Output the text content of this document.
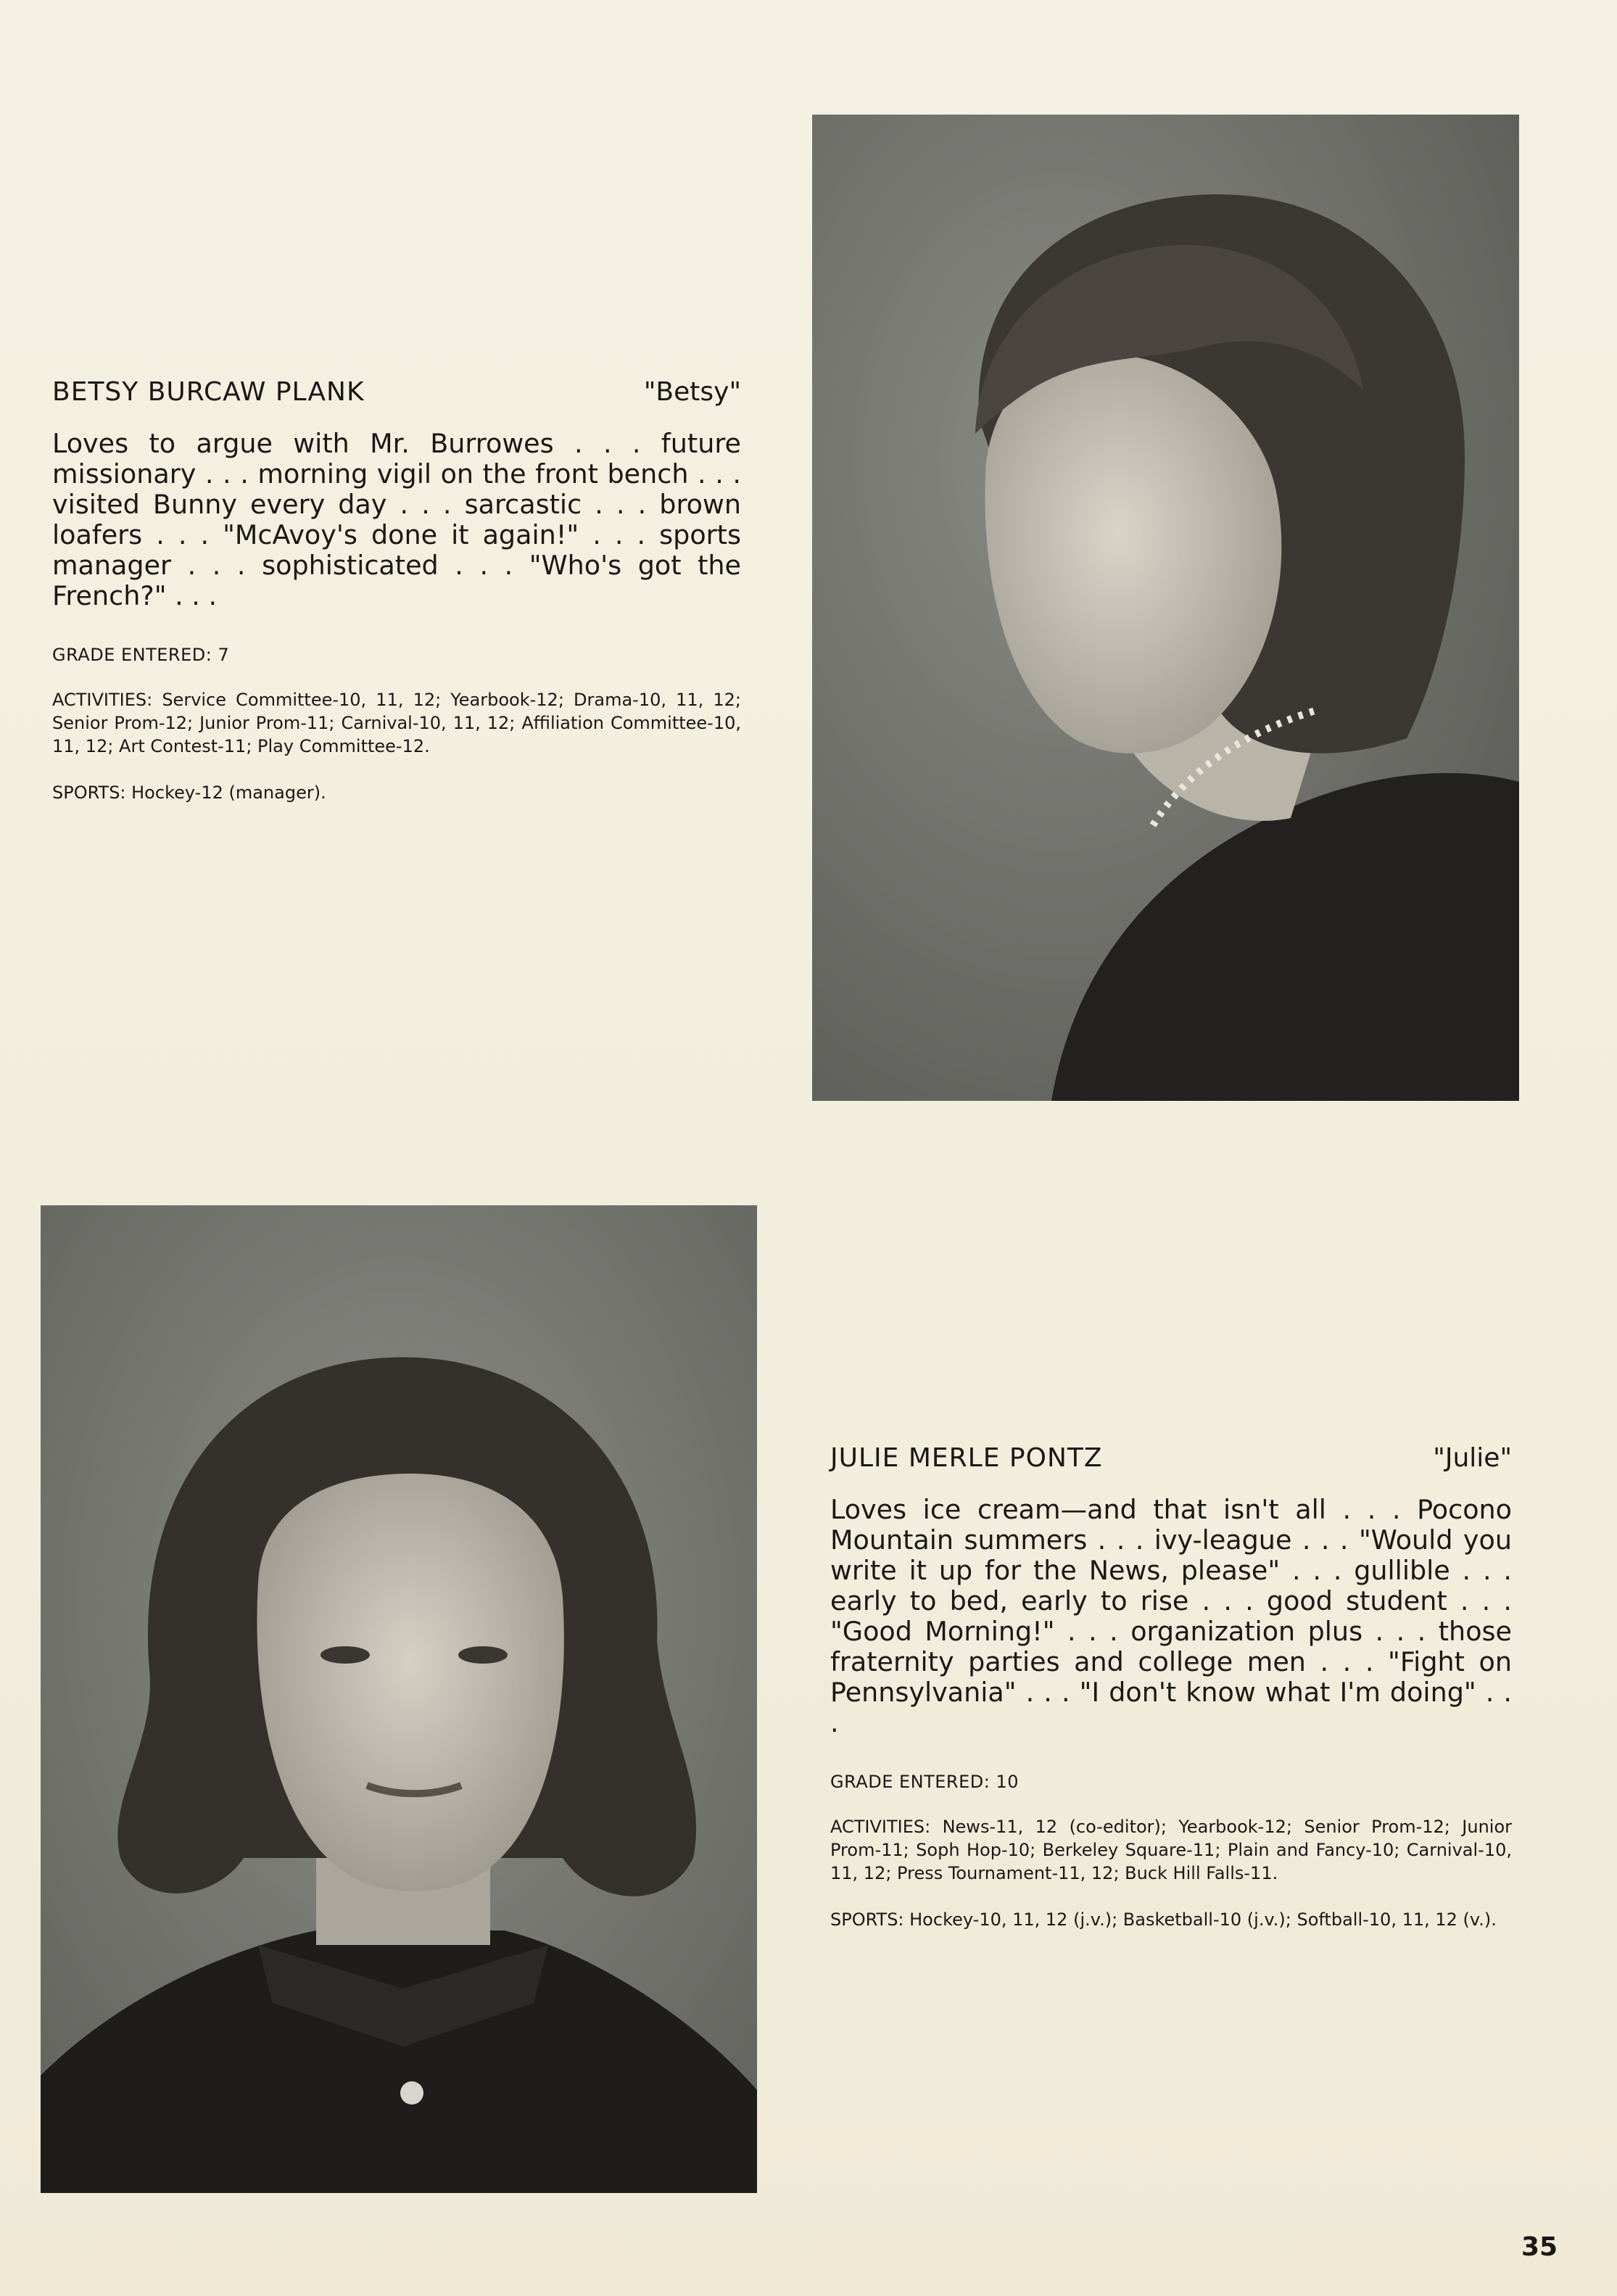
BETSY BURCAW PLANK	"Betsy"
Loves to argue with Mr. Burrowes . . . future missionary . . . morning vigil on the front bench . . . visited Bunny every day . . . sarcastic . . . brown loafers . . . "McAvoy's done it again!" . . . sports manager . . . sophisticated . . . "Who's got the French?" . . .
GRADE ENTERED: 7
ACTIVITIES: Service Committee-10, 11, 12; Yearbook-12; Drama-10, 11, 12; Senior Prom-12; Junior Prom-11; Carnival-10, 11, 12; Affiliation Committee-10, 11, 12; Art Contest-11; Play Committee-12.
SPORTS: Hockey-12 (manager).
JULIE MERLE PONTZ	"Julie"
Loves ice cream—and that isn't all . . . Pocono Mountain summers . . . ivy-league . . . "Would you write it up for the News, please" . . . gullible . . . early to bed, early to rise . . . good student . . . "Good Morning!" . . . organization plus . . . those fraternity parties and college men . . . "Fight on Pennsylvania" . . . "I don't know what I'm doing" . . .
GRADE ENTERED: 10
ACTIVITIES: News-11, 12 (co-editor); Yearbook-12; Senior Prom-12; Junior Prom-11; Soph Hop-10; Berkeley Square-11; Plain and Fancy-10; Carnival-10, 11, 12; Press Tournament-11, 12; Buck Hill Falls-11.
SPORTS: Hockey-10, 11, 12 (j.v.); Basketball-10 (j.v.); Softball-10, 11, 12 (v.).
35
